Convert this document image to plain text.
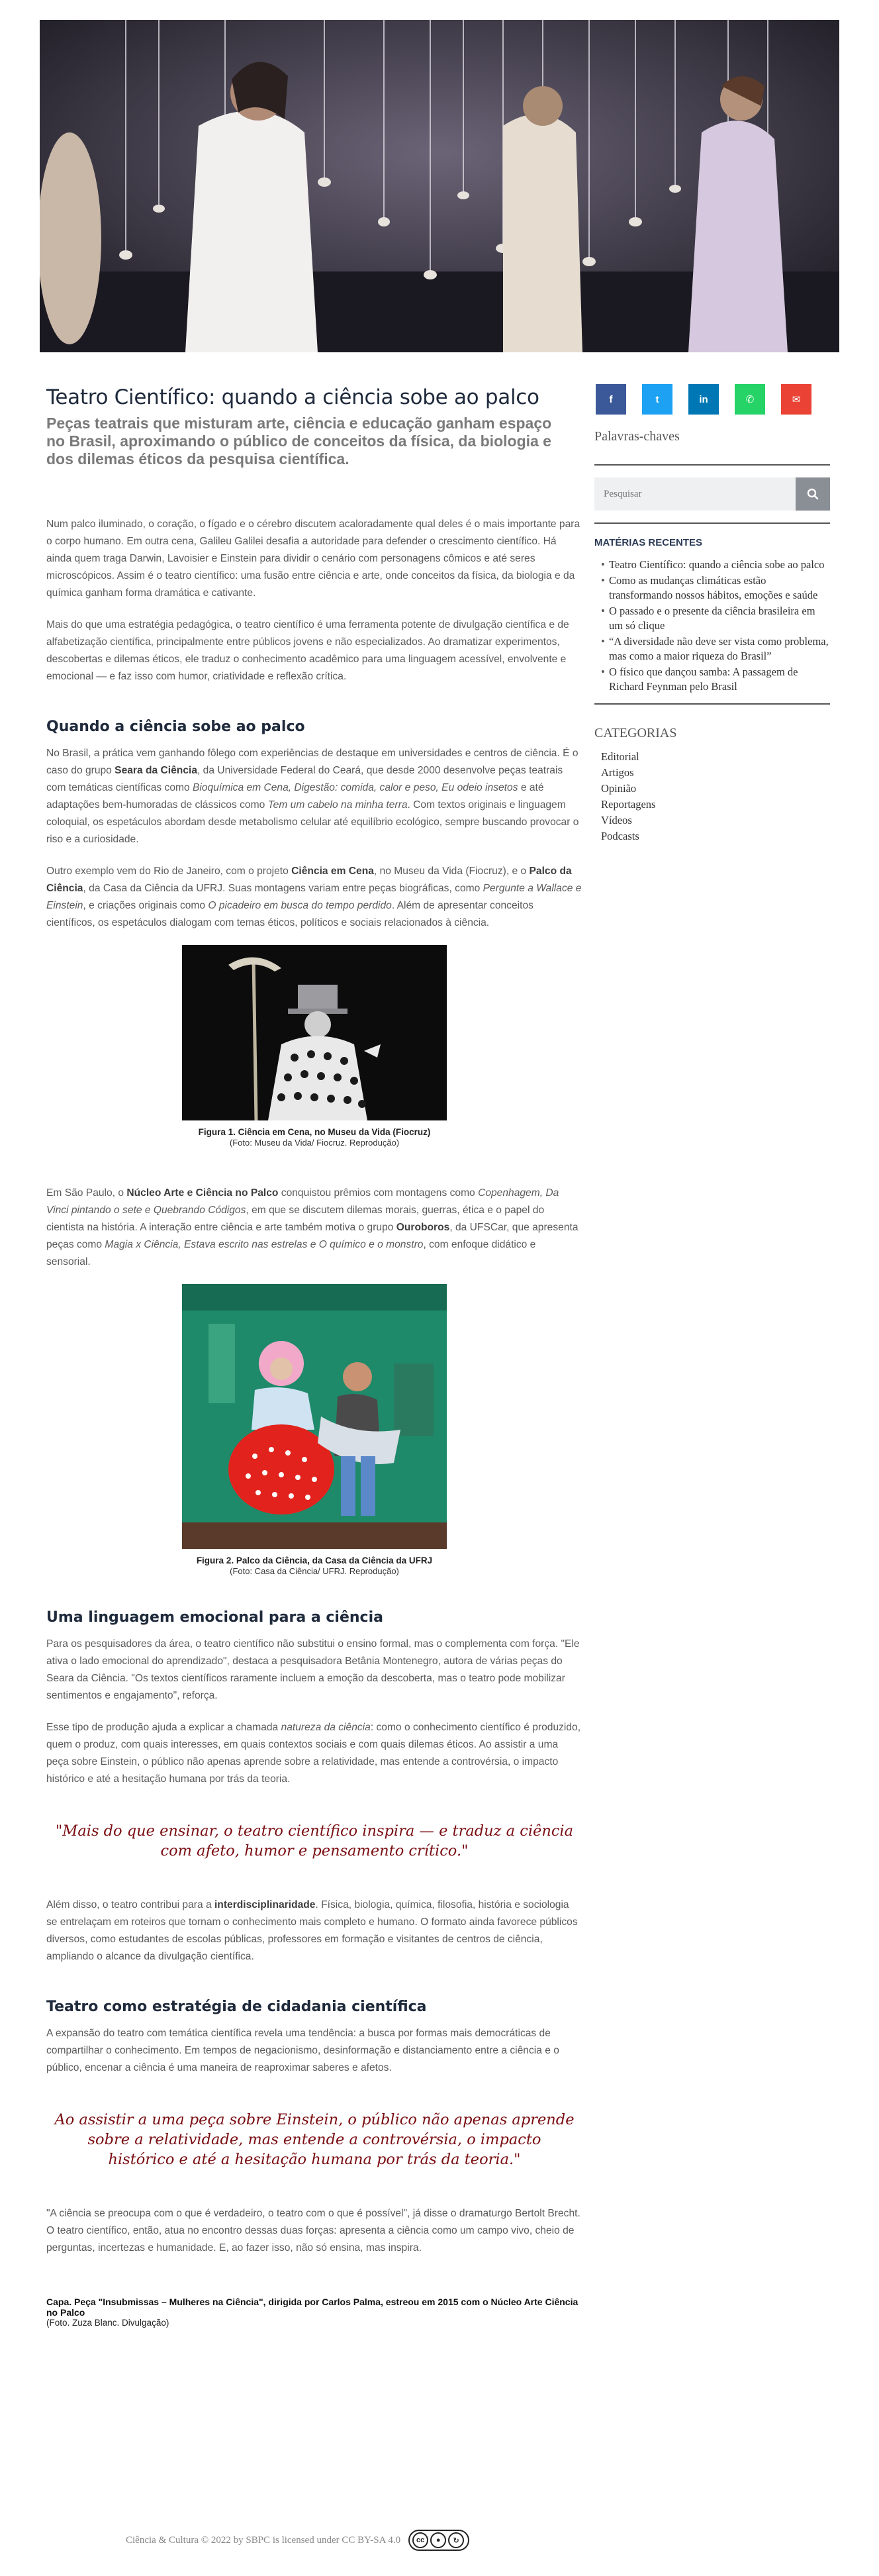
Teatro Científico: quando a ciência sobe ao palco
Peças teatrais que misturam arte, ciência e educação ganham espaço no Brasil, aproximando o público de conceitos da física, da biologia e dos dilemas éticos da pesquisa científica.

Num palco iluminado, o coração, o fígado e o cérebro discutem acaloradamente qual deles é o mais importante para o corpo humano. Em outra cena, Galileu Galilei desafia a autoridade para defender o crescimento científico. Há ainda quem traga Darwin, Lavoisier e Einstein para dividir o cenário com personagens cômicos e até seres microscópicos. Assim é o teatro científico: uma fusão entre ciência e arte, onde conceitos da física, da biologia e da química ganham forma dramática e cativante.

Mais do que uma estratégia pedagógica, o teatro científico é uma ferramenta potente de divulgação científica e de alfabetização científica, principalmente entre públicos jovens e não especializados. Ao dramatizar experimentos, descobertas e dilemas éticos, ele traduz o conhecimento acadêmico para uma linguagem acessível, envolvente e emocional — e faz isso com humor, criatividade e reflexão crítica.

Quando a ciência sobe ao palco

No Brasil, a prática vem ganhando fôlego com experiências de destaque em universidades e centros de ciência. É o caso do grupo Seara da Ciência, da Universidade Federal do Ceará, que desde 2000 desenvolve peças teatrais com temáticas científicas como Bioquímica em Cena, Digestão: comida, calor e peso, Eu odeio insetos e até adaptações bem-humoradas de clássicos como Tem um cabelo na minha terra. Com textos originais e linguagem coloquial, os espetáculos abordam desde metabolismo celular até equilíbrio ecológico, sempre buscando provocar o riso e a curiosidade.

Outro exemplo vem do Rio de Janeiro, com o projeto Ciência em Cena, no Museu da Vida (Fiocruz), e o Palco da Ciência, da Casa da Ciência da UFRJ. Suas montagens variam entre peças biográficas, como Pergunte a Wallace e Einstein, e criações originais como O picadeiro em busca do tempo perdido. Além de apresentar conceitos científicos, os espetáculos dialogam com temas éticos, políticos e sociais relacionados à ciência.

Figura 1. Ciência em Cena, no Museu da Vida (Fiocruz)
(Foto: Museu da Vida/ Fiocruz. Reprodução)

Em São Paulo, o Núcleo Arte e Ciência no Palco conquistou prêmios com montagens como Copenhagem, Da Vinci pintando o sete e Quebrando Códigos, em que se discutem dilemas morais, guerras, ética e o papel do cientista na história. A interação entre ciência e arte também motiva o grupo Ouroboros, da UFSCar, que apresenta peças como Magia x Ciência, Estava escrito nas estrelas e O químico e o monstro, com enfoque didático e sensorial.

Figura 2. Palco da Ciência, da Casa da Ciência da UFRJ
(Foto: Casa da Ciência/ UFRJ. Reprodução)
Uma linguagem emocional para a ciência

Para os pesquisadores da área, o teatro científico não substitui o ensino formal, mas o complementa com força. "Ele ativa o lado emocional do aprendizado", destaca a pesquisadora Betânia Montenegro, autora de várias peças do Seara da Ciência. "Os textos científicos raramente incluem a emoção da descoberta, mas o teatro pode mobilizar sentimentos e engajamento", reforça.

Esse tipo de produção ajuda a explicar a chamada natureza da ciência: como o conhecimento científico é produzido, quem o produz, com quais interesses, em quais contextos sociais e com quais dilemas éticos. Ao assistir a uma peça sobre Einstein, o público não apenas aprende sobre a relatividade, mas entende a controvérsia, o impacto histórico e até a hesitação humana por trás da teoria.

"Mais do que ensinar, o teatro científico inspira — e traduz a ciência com afeto, humor e pensamento crítico."

Além disso, o teatro contribui para a interdisciplinaridade. Física, biologia, química, filosofia, história e sociologia se entrelaçam em roteiros que tornam o conhecimento mais completo e humano. O formato ainda favorece públicos diversos, como estudantes de escolas públicas, professores em formação e visitantes de centros de ciência, ampliando o alcance da divulgação científica.

Teatro como estratégia de cidadania científica

A expansão do teatro com temática científica revela uma tendência: a busca por formas mais democráticas de compartilhar o conhecimento. Em tempos de negacionismo, desinformação e distanciamento entre a ciência e o público, encenar a ciência é uma maneira de reaproximar saberes e afetos.

Ao assistir a uma peça sobre Einstein, o público não apenas aprende sobre a relatividade, mas entende a controvérsia, o impacto histórico e até a hesitação humana por trás da teoria."

"A ciência se preocupa com o que é verdadeiro, o teatro com o que é possível", já disse o dramaturgo Bertolt Brecht. O teatro científico, então, atua no encontro dessas duas forças: apresenta a ciência como um campo vivo, cheio de perguntas, incertezas e humanidade. E, ao fazer isso, não só ensina, mas inspira.

Capa. Peça "Insubmissas – Mulheres na Ciência", dirigida por Carlos Palma, estreou em 2015 com o Núcleo Arte Ciência no Palco
(Foto. Zuza Blanc. Divulgação)
f	t	in	✆	✉
Palavras-chaves
Pesquisar
MATÉRIAS RECENTES
• Teatro Científico: quando a ciência sobe ao palco
• Como as mudanças climáticas estão transformando nossos hábitos, emoções e saúde
• O passado e o presente da ciência brasileira em um só clique
• “A diversidade não deve ser vista como problema, mas como a maior riqueza do Brasil”
• O físico que dançou samba: A passagem de Richard Feynman pelo Brasil
CATEGORIAS
Editorial
Artigos
Opinião
Reportagens
Vídeos
Podcasts
Ciência & Cultura © 2022 by SBPC is licensed under CC BY-SA 4.0	cc	●	↻
